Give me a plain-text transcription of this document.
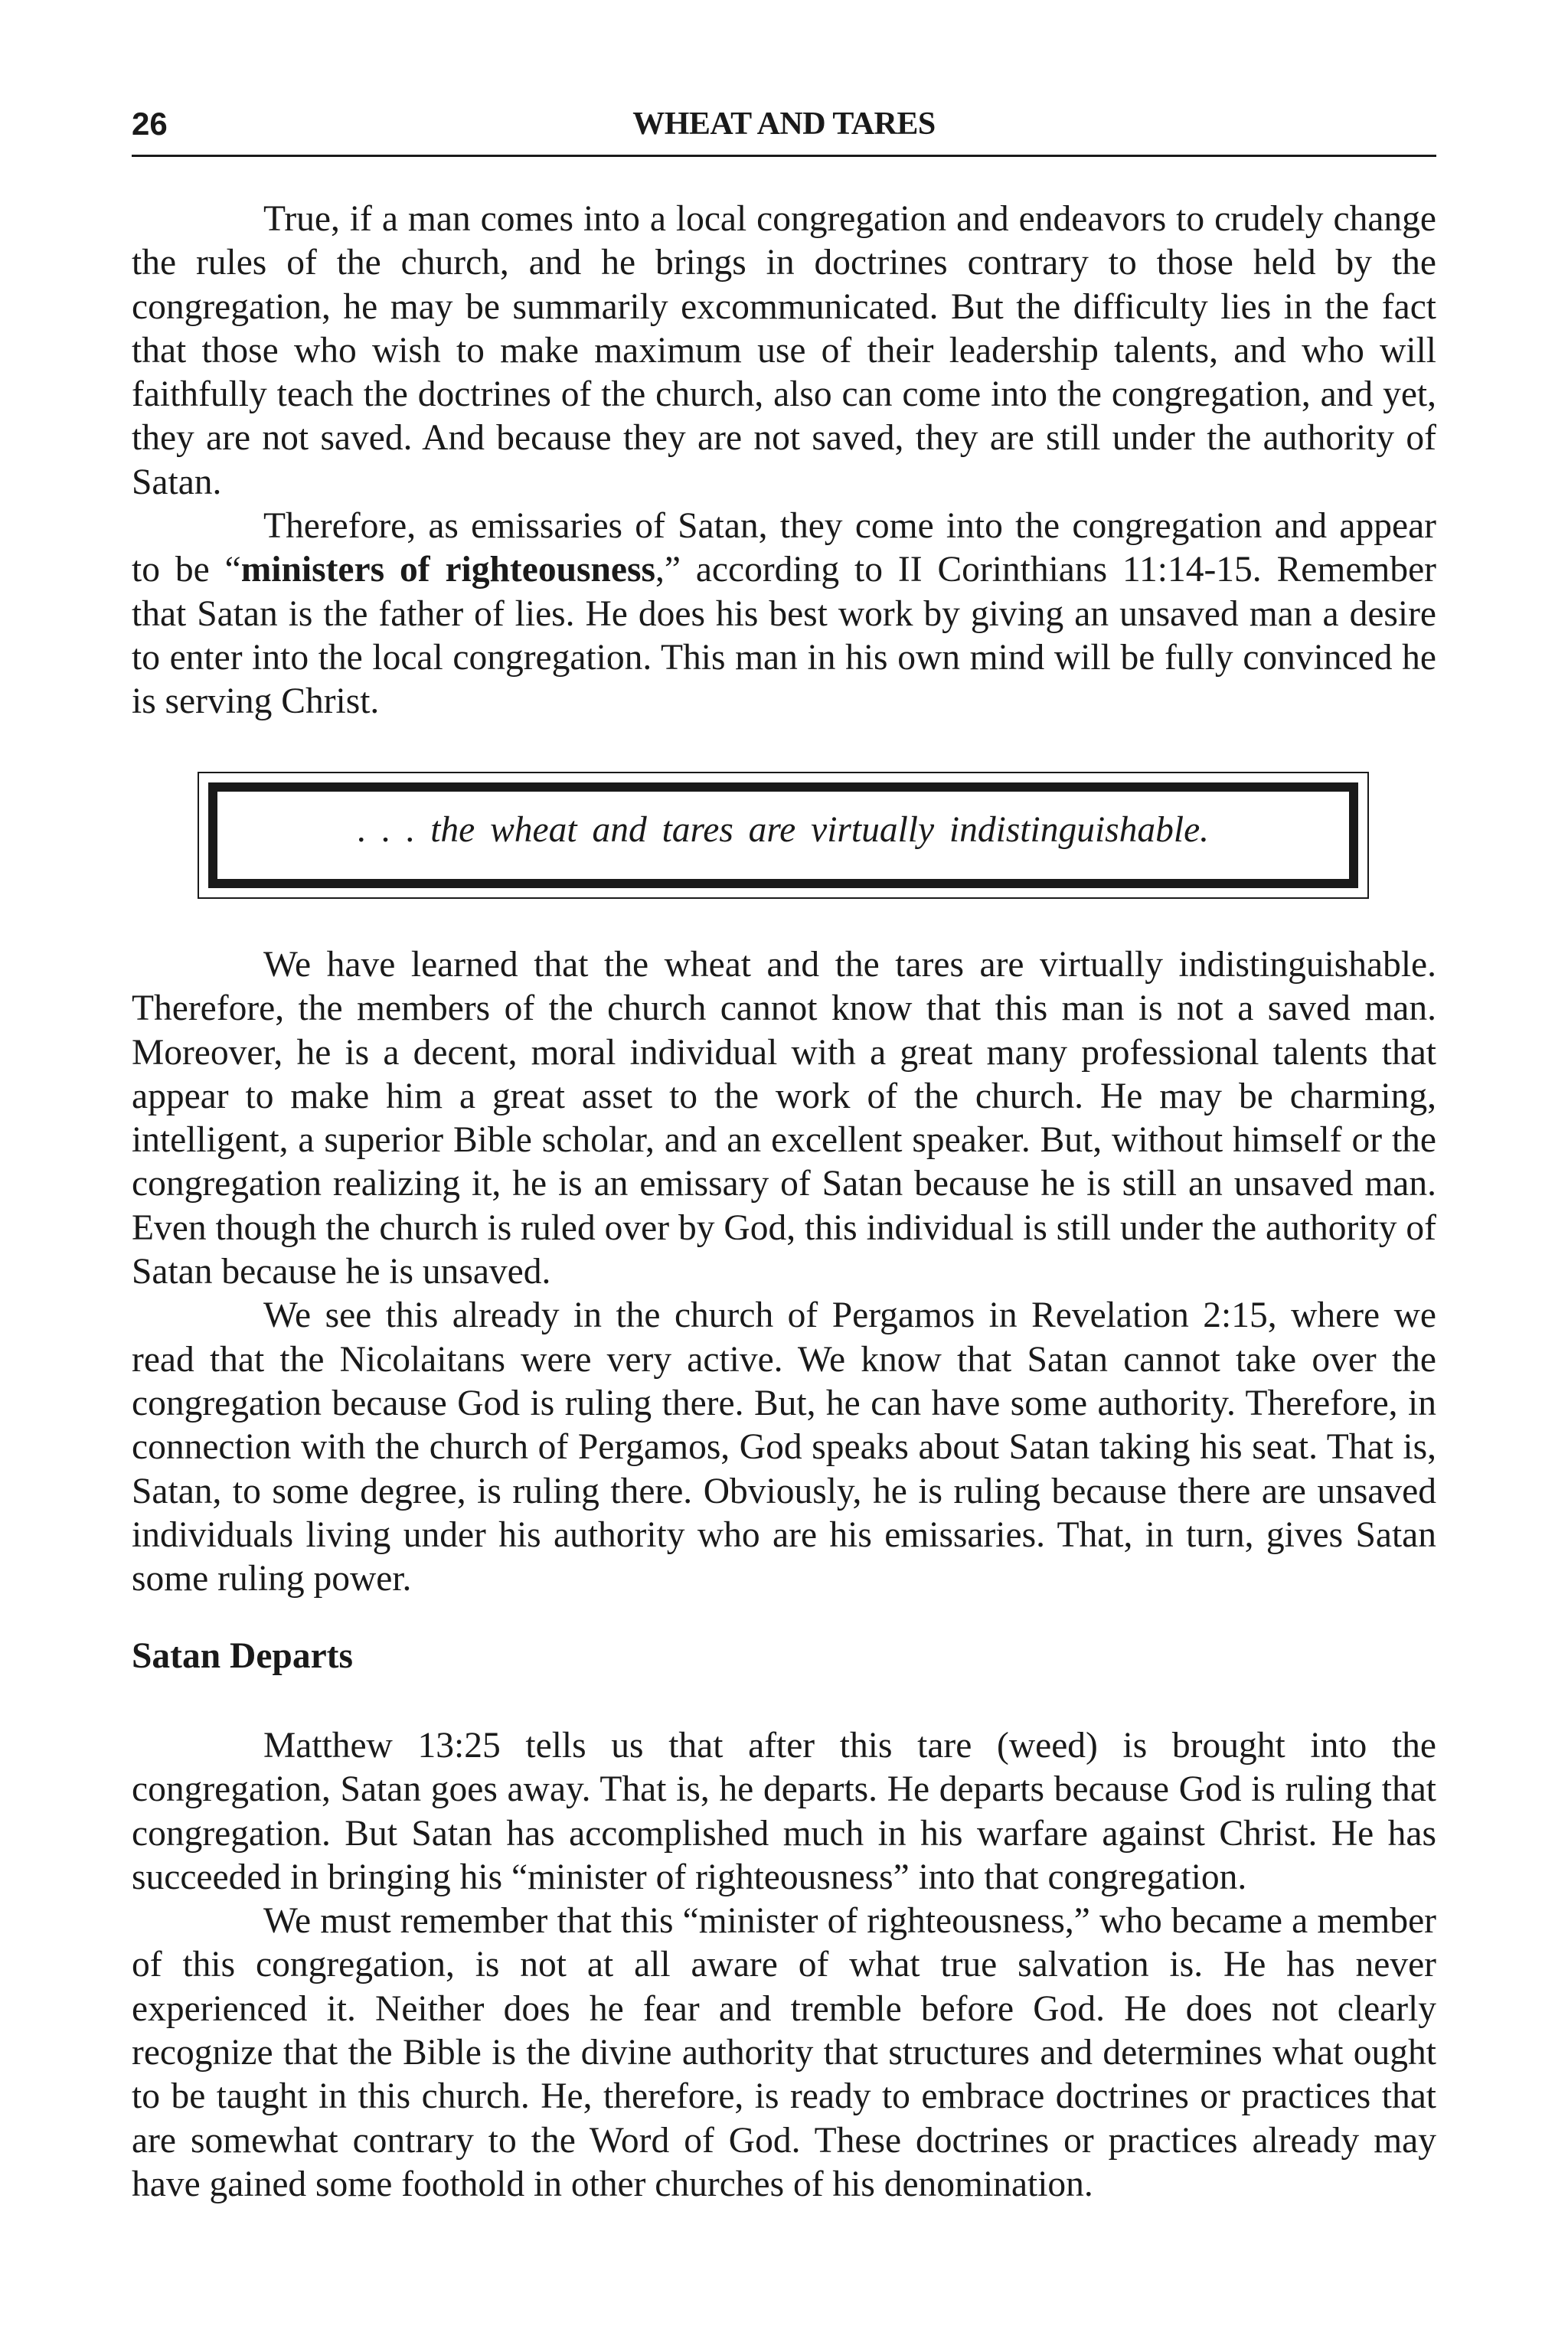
26	WHEAT AND TARES

True, if a man comes into a local congregation and endeavors to crudely change the rules of the church, and he brings in doctrines contrary to those held by the congregation, he may be summarily excommunicated. But the difficulty lies in the fact that those who wish to make maximum use of their leadership talents, and who will faithfully teach the doctrines of the church, also can come into the congregation, and yet, they are not saved. And because they are not saved, they are still under the authority of Satan.

Therefore, as emissaries of Satan, they come into the congregation and appear to be “ministers of righteousness,” according to II Corinthians 11:14-15. Remember that Satan is the father of lies. He does his best work by giving an unsaved man a desire to enter into the local congregation. This man in his own mind will be fully convinced he is serving Christ.

. . . the wheat and tares are virtually indistinguishable.

We have learned that the wheat and the tares are virtually indistinguishable. Therefore, the members of the church cannot know that this man is not a saved man. Moreover, he is a decent, moral individual with a great many professional talents that appear to make him a great asset to the work of the church. He may be charming, intelligent, a superior Bible scholar, and an excellent speaker. But, without himself or the congregation realizing it, he is an emissary of Satan because he is still an unsaved man. Even though the church is ruled over by God, this individual is still under the authority of Satan because he is unsaved.

We see this already in the church of Pergamos in Revelation 2:15, where we read that the Nicolaitans were very active. We know that Satan cannot take over the congregation because God is ruling there. But, he can have some authority. Therefore, in connection with the church of Pergamos, God speaks about Satan taking his seat. That is, Satan, to some degree, is ruling there. Obviously, he is ruling because there are unsaved individuals living under his authority who are his emissaries. That, in turn, gives Satan some ruling power.

Satan Departs

Matthew 13:25 tells us that after this tare (weed) is brought into the congregation, Satan goes away. That is, he departs. He departs because God is ruling that congregation. But Satan has accomplished much in his warfare against Christ. He has succeeded in bringing his “minister of righteousness” into that congregation.

We must remember that this “minister of righteousness,” who became a member of this congregation, is not at all aware of what true salvation is. He has never experienced it. Neither does he fear and tremble before God. He does not clearly recognize that the Bible is the divine authority that structures and determines what ought to be taught in this church. He, therefore, is ready to embrace doctrines or practices that are somewhat contrary to the Word of God. These doctrines or practices already may have gained some foothold in other churches of his denomination.
